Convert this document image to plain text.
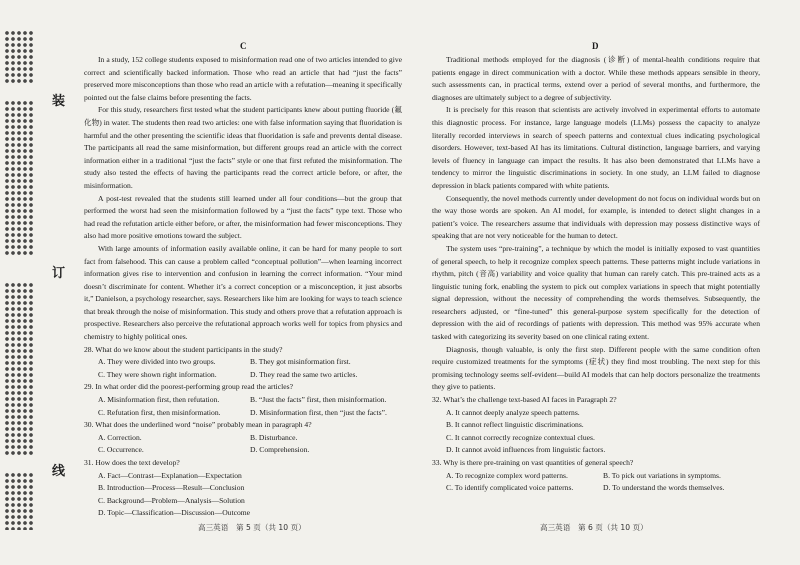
装
订
线
C

In a study, 152 college students exposed to misinformation read one of two articles intended to give correct and scientifically backed information. Those who read an article that had “just the facts” preserved more misconceptions than those who read an article with a refutation—meaning it specifically pointed out the false claims before presenting the facts.

For this study, researchers first tested what the student participants knew about putting fluoride (氟化物) in water. The students then read two articles: one with false information saying that fluoridation is harmful and the other presenting the scientific ideas that fluoridation is safe and prevents dental disease. The participants all read the same misinformation, but different groups read an article with the correct information either in a traditional “just the facts” style or one that first refuted the misinformation. The study also tested the effects of having the participants read the correct article before, or after, the misinformation.

A post-test revealed that the students still learned under all four conditions—but the group that performed the worst had seen the misinformation followed by a “just the facts” type text. Those who had read the refutation article either before, or after, the misinformation had fewer misconceptions. They also had more positive emotions toward the subject.

With large amounts of information easily available online, it can be hard for many people to sort fact from falsehood. This can cause a problem called “conceptual pollution”—when learning incorrect information gives rise to intervention and confusion in learning the correct information. “Your mind doesn’t discriminate for content. Whether it’s a correct conception or a misconception, it just absorbs it,” Danielson, a psychology researcher, says. Researchers like him are looking for ways to teach science that break through the noise of misinformation. This study and others prove that a refutation approach is prospective. Researchers also perceive the refutational approach works well for topics from physics and chemistry to highly political ones.

28. What do we know about the student participants in the study?

A. They were divided into two groups.	B. They got misinformation first.
C. They were shown right information.	D. They read the same two articles.

29. In what order did the poorest-performing group read the articles?

A. Misinformation first, then refutation.	B. “Just the facts” first, then misinformation.
C. Refutation first, then misinformation.	D. Misinformation first, then “just the facts”.

30. What does the underlined word “noise” probably mean in paragraph 4?

A. Correction.	B. Disturbance.
C. Occurrence.	D. Comprehension.

31. How does the text develop?

A. Fact—Contrast—Explanation—Expectation
B. Introduction—Process—Result—Conclusion
C. Background—Problem—Analysis—Solution
D. Topic—Classification—Discussion—Outcome
高三英语　第 5 页（共 10 页）
D

Traditional methods employed for the diagnosis (诊断) of mental-health conditions require that patients engage in direct communication with a doctor. While these methods appears sensible in theory, such assessments can, in practical terms, extend over a period of several months, and furthermore, the diagnoses are ultimately subject to a degree of subjectivity.

It is precisely for this reason that scientists are actively involved in experimental efforts to automate this diagnostic process. For instance, large language models (LLMs) possess the capacity to analyze literally recorded interviews in search of speech patterns and contextual clues indicating psychological disorders. However, text-based AI has its limitations. Cultural distinction, language barriers, and varying levels of fluency in language can impact the results. It has also been demonstrated that LLMs have a tendency to mirror the linguistic discriminations in society. In one study, an LLM failed to diagnose depression in black patients compared with white patients.

Consequently, the novel methods currently under development do not focus on individual words but on the way those words are spoken. An AI model, for example, is intended to detect slight changes in a patient’s voice. The researchers assume that individuals with depression may possess distinctive ways of speaking that are not very noticeable for the human to detect.

The system uses “pre-training”, a technique by which the model is initially exposed to vast quantities of general speech, to help it recognize complex speech patterns. These patterns might include variations in rhythm, pitch (音高) variability and voice quality that human can rarely catch. This pre-trained acts as a linguistic tuning fork, enabling the system to pick out complex variations in speech that might potentially signal depression, without the necessity of comprehending the words themselves. Subsequently, the researchers adjusted, or “fine-tuned” this general-purpose system specifically for the detection of depression with the aid of recordings of patients with depression. This method was 95% accurate when tasked with categorizing its severity based on one clinical rating extent.

Diagnosis, though valuable, is only the first step. Different people with the same condition often require customized treatments for the symptoms (症状) they find most troubling. The next step for this promising technology seems self-evident—build AI models that can help doctors personalize the treatments they give to patients.

32. What’s the challenge text-based AI faces in Paragraph 2?

A. It cannot deeply analyze speech patterns.
B. It cannot reflect linguistic discriminations.
C. It cannot correctly recognize contextual clues.
D. It cannot avoid influences from linguistic factors.

33. Why is there pre-training on vast quantities of general speech?

A. To recognize complex word patterns.	B. To pick out variations in symptoms.
C. To identify complicated voice patterns.	D. To understand the words themselves.
高三英语　第 6 页（共 10 页）
